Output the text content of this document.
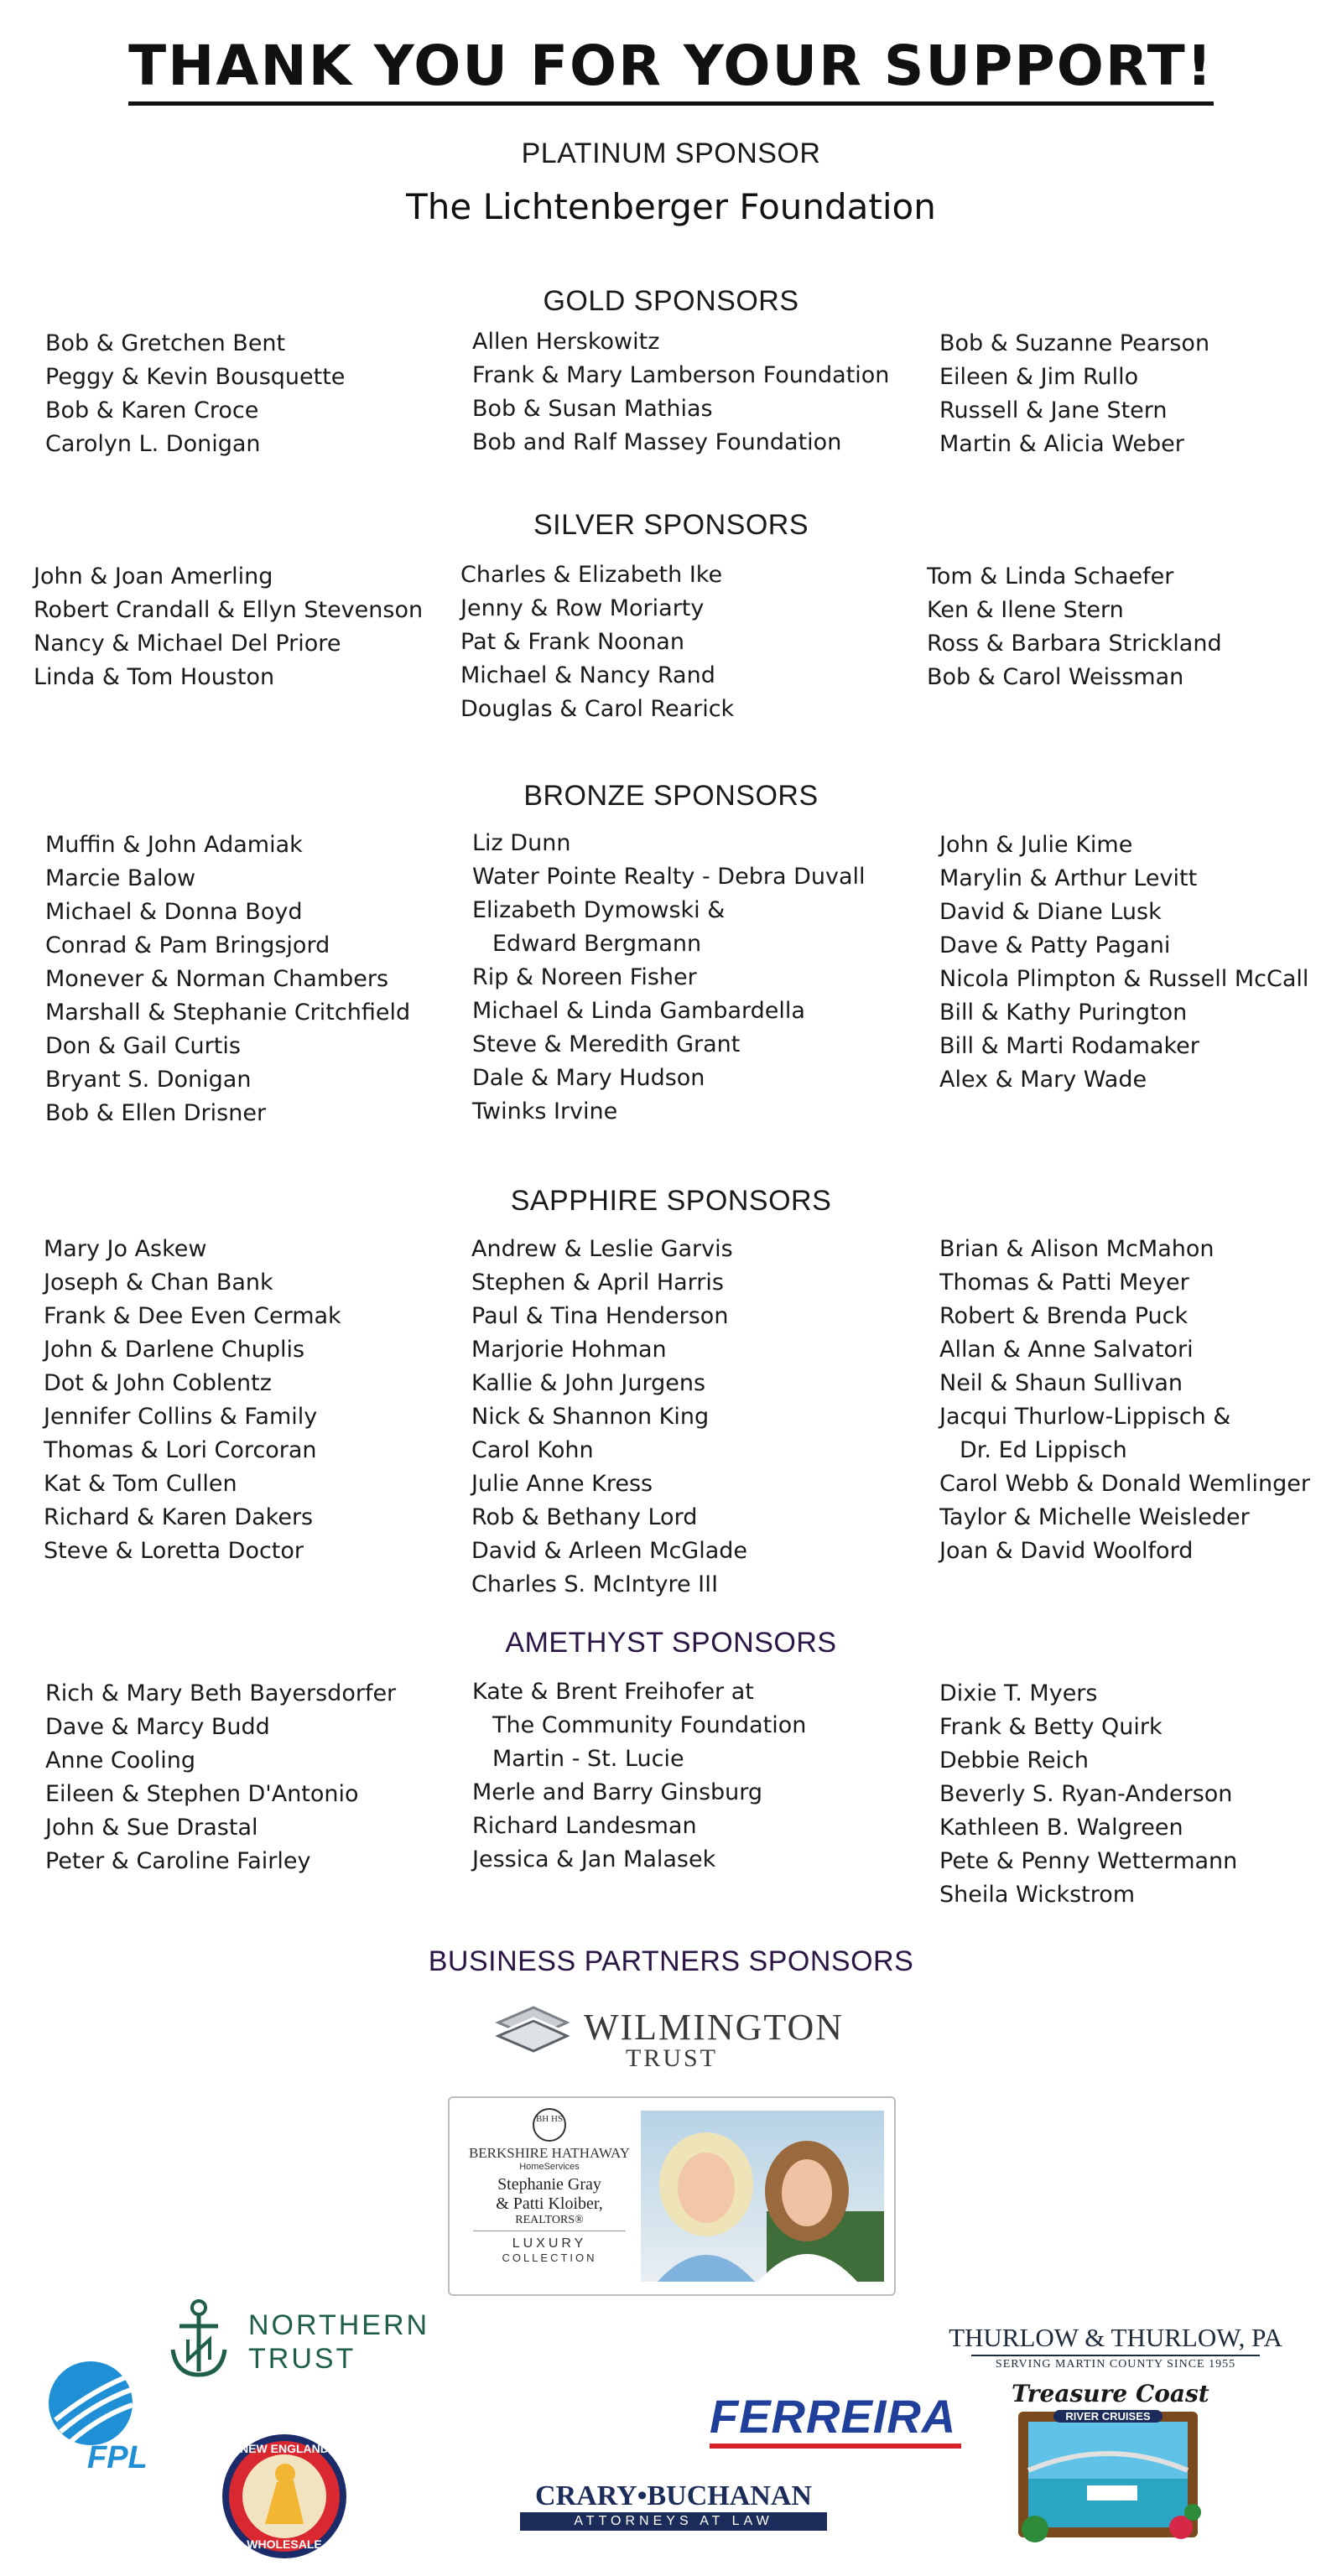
THANK YOU FOR YOUR SUPPORT!
PLATINUM SPONSOR
The Lichtenberger Foundation
GOLD SPONSORS
Bob & Gretchen Bent
Peggy & Kevin Bousquette
Bob & Karen Croce
Carolyn L. Donigan
Allen Herskowitz
Frank & Mary Lamberson Foundation
Bob & Susan Mathias
Bob and Ralf Massey Foundation
Bob & Suzanne Pearson
Eileen & Jim Rullo
Russell & Jane Stern
Martin & Alicia Weber
SILVER SPONSORS
John & Joan Amerling
Robert Crandall & Ellyn Stevenson
Nancy & Michael Del Priore
Linda & Tom Houston
Charles & Elizabeth Ike
Jenny & Row Moriarty
Pat & Frank Noonan
Michael & Nancy Rand
Douglas & Carol Rearick
Tom & Linda Schaefer
Ken & Ilene Stern
Ross & Barbara Strickland
Bob & Carol Weissman
BRONZE SPONSORS
Muffin & John Adamiak
Marcie Balow
Michael & Donna Boyd
Conrad & Pam Bringsjord
Monever & Norman Chambers
Marshall & Stephanie Critchfield
Don & Gail Curtis
Bryant S. Donigan
Bob & Ellen Drisner
Liz Dunn
Water Pointe Realty - Debra Duvall
Elizabeth Dymowski &
Edward Bergmann
Rip & Noreen Fisher
Michael & Linda Gambardella
Steve & Meredith Grant
Dale & Mary Hudson
Twinks Irvine
John & Julie Kime
Marylin & Arthur Levitt
David & Diane Lusk
Dave & Patty Pagani
Nicola Plimpton & Russell McCall
Bill & Kathy Purington
Bill & Marti Rodamaker
Alex & Mary Wade
SAPPHIRE SPONSORS
Mary Jo Askew
Joseph & Chan Bank
Frank & Dee Even Cermak
John & Darlene Chuplis
Dot & John Coblentz
Jennifer Collins & Family
Thomas & Lori Corcoran
Kat & Tom Cullen
Richard & Karen Dakers
Steve & Loretta Doctor
Andrew & Leslie Garvis
Stephen & April Harris
Paul & Tina Henderson
Marjorie Hohman
Kallie & John Jurgens
Nick & Shannon King
Carol Kohn
Julie Anne Kress
Rob & Bethany Lord
David & Arleen McGlade
Charles S. McIntyre III
Brian & Alison McMahon
Thomas & Patti Meyer
Robert & Brenda Puck
Allan & Anne Salvatori
Neil & Shaun Sullivan
Jacqui Thurlow-Lippisch &
Dr. Ed Lippisch
Carol Webb & Donald Wemlinger
Taylor & Michelle Weisleder
Joan & David Woolford
AMETHYST SPONSORS
Rich & Mary Beth Bayersdorfer
Dave & Marcy Budd
Anne Cooling
Eileen & Stephen D'Antonio
John & Sue Drastal
Peter & Caroline Fairley
Kate & Brent Freihofer at
The Community Foundation
Martin - St. Lucie
Merle and Barry Ginsburg
Richard Landesman
Jessica & Jan Malasek
Dixie T. Myers
Frank & Betty Quirk
Debbie Reich
Beverly S. Ryan-Anderson
Kathleen B. Walgreen
Pete & Penny Wettermann
Sheila Wickstrom
BUSINESS PARTNERS SPONSORS
WILMINGTON
TRUST
BH HS
BERKSHIRE HATHAWAY
HomeServices
Stephanie Gray
& Patti Kloiber,
REALTORS®
LUXURY
COLLECTION
NORTHERN
TRUST
THURLOW & THURLOW, PA
SERVING MARTIN COUNTY SINCE 1955
FPL	NEW ENGLAND
WHOLESALE
FERREIRA
CRARY•BUCHANAN
ATTORNEYS AT LAW
Treasure Coast
RIVER CRUISES
